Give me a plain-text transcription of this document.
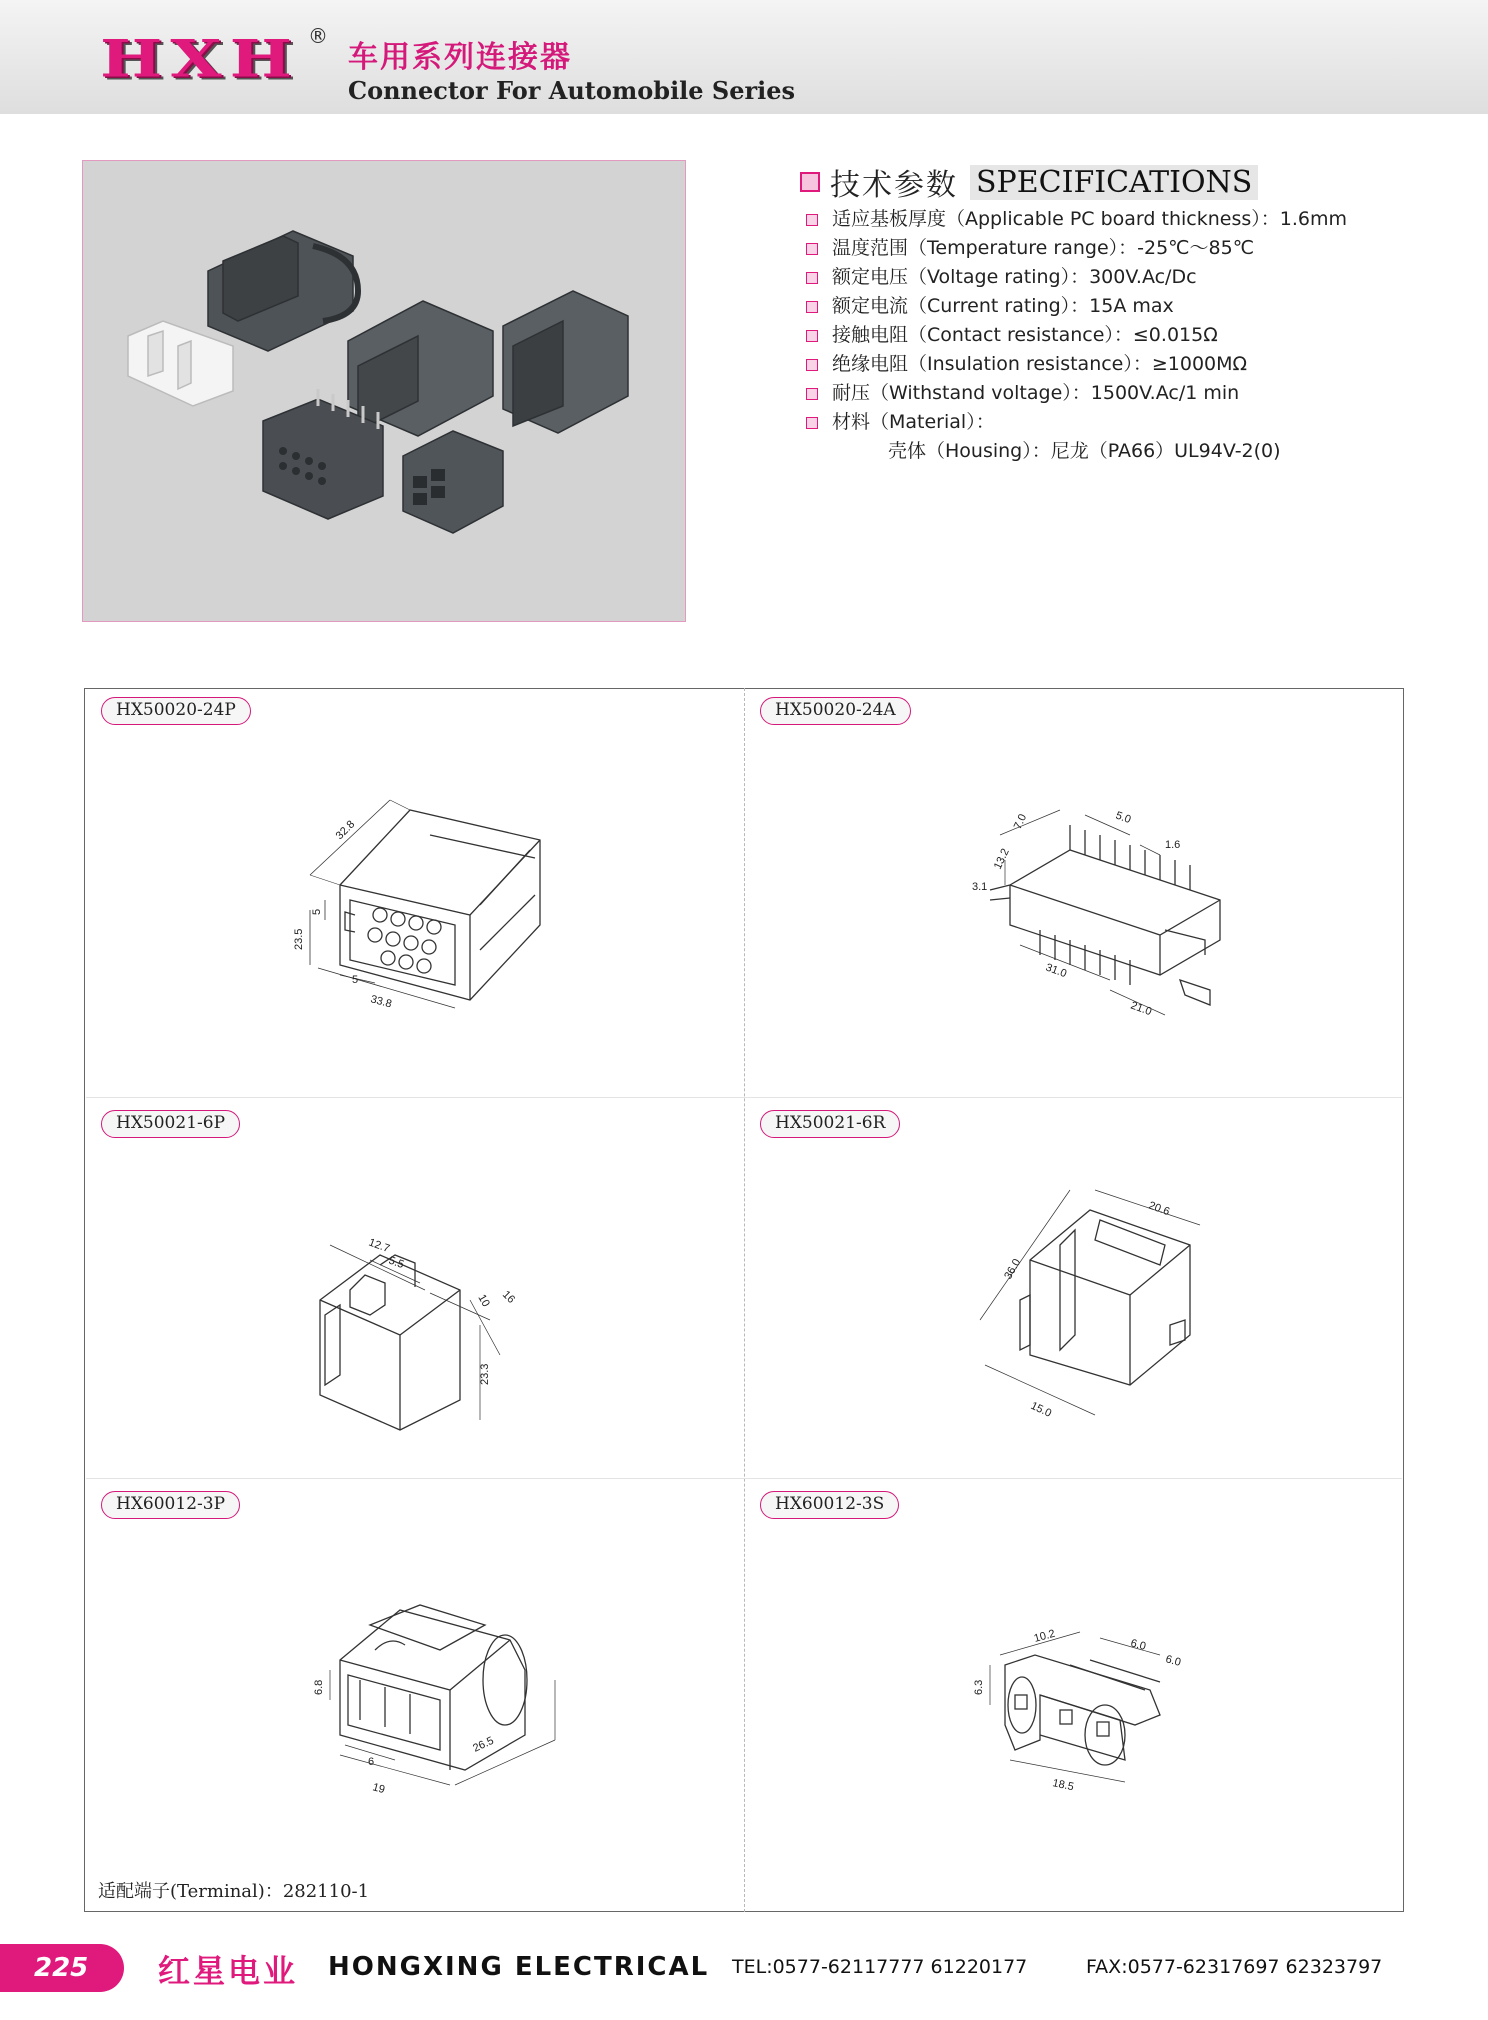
HXH ®
车用系列连接器
Connector For Automobile Series
技术参数 SPECIFICATIONS
适应基板厚度（Applicable PC board thickness）：1.6mm
温度范围（Temperature range）：-25℃～85℃
额定电压（Voltage rating）：300V.Ac/Dc
额定电流（Current rating）：15A max
接触电阻（Contact resistance）：≤0.015Ω
绝缘电阻（Insulation resistance）：≥1000MΩ
耐压（Withstand voltage）：1500V.Ac/1 min
材料（Material）：
壳体（Housing）：尼龙（PA66）UL94V-2(0)
HX50020-24P	HX50020-24A
HX50021-6P	HX50021-6R
HX60012-3P	HX60012-3S
32.8
23.5
5
5
33.8
7.0	5.0
13.2
1.6
3.1
31.0
21.0
12.7
5.5
10 16
23.3
20.6
36.0
15.0
6.8
6
19
26.5
10.2
6.0
6.0
6.3
18.5
适配端子(Terminal)：282110-1
225	红星电业 HONGXING ELECTRICAL TEL:0577-62117777 61220177	FAX:0577-62317697 62323797
